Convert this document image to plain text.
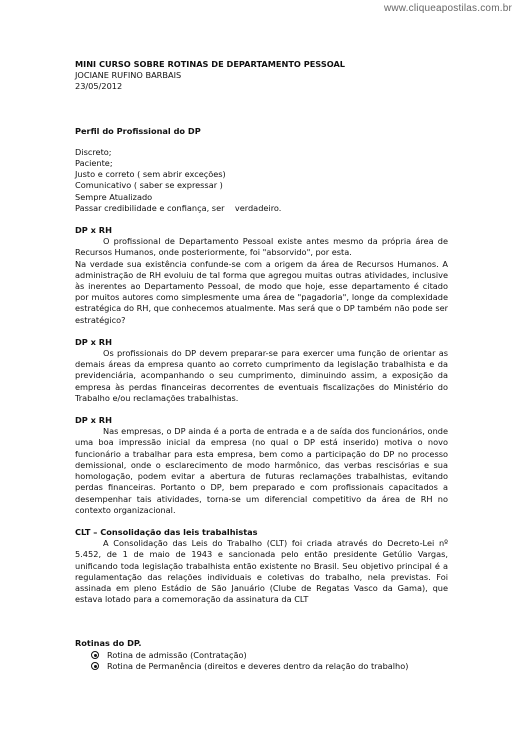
www.cliqueapostilas.com.br
MINI CURSO SOBRE ROTINAS DE DEPARTAMENTO PESSOAL
JOCIANE RUFINO BARBAIS
23/05/2012
Perfil do Profissional do DP
Discreto;
Paciente;
Justo e correto ( sem abrir exceções)
Comunicativo ( saber se expressar )
Sempre Atualizado
Passar credibilidade e confiança, ser    verdadeiro.
DP x RH

O profissional de Departamento Pessoal existe antes mesmo da própria área de Recursos Humanos, onde posteriormente, foi "absorvido", por esta.

Na verdade sua existência confunde-se com a origem da área de Recursos Humanos. A administração de RH evoluiu de tal forma que agregou muitas outras atividades, inclusive às inerentes ao Departamento Pessoal, de modo que hoje, esse departamento é citado por muitos autores como simplesmente uma área de "pagadoria", longe da complexidade estratégica do RH, que conhecemos atualmente. Mas será que o DP também não pode ser estratégico?

DP x RH

Os profissionais do DP devem preparar-se para exercer uma função de orientar as demais áreas da empresa quanto ao correto cumprimento da legislação trabalhista e da previdenciária, acompanhando o seu cumprimento, diminuindo assim, a exposição da empresa às perdas financeiras decorrentes de eventuais fiscalizações do Ministério do Trabalho e/ou reclamações trabalhistas.

DP x RH

Nas empresas, o DP ainda é a porta de entrada e a de saída dos funcionários, onde uma boa impressão inicial da empresa (no qual o DP está inserido) motiva o novo funcionário a trabalhar para esta empresa, bem como a participação do DP no processo demissional, onde o esclarecimento de modo harmônico, das verbas rescisórias e sua homologação, podem evitar a abertura de futuras reclamações trabalhistas, evitando perdas financeiras. Portanto o DP, bem preparado e com profissionais capacitados a desempenhar tais atividades, torna-se um diferencial competitivo da área de RH no contexto organizacional.

CLT – Consolidação das leis trabalhistas

A Consolidação das Leis do Trabalho (CLT) foi criada através do Decreto-Lei nº 5.452, de 1 de maio de 1943 e sancionada pelo então presidente Getúlio Vargas, unificando toda legislação trabalhista então existente no Brasil. Seu objetivo principal é a regulamentação das relações individuais e coletivas do trabalho, nela previstas. Foi assinada em pleno Estádio de São Januário (Clube de Regatas Vasco da Gama), que estava lotado para a comemoração da assinatura da CLT

Rotinas do DP.
Rotina de admissão (Contratação)
Rotina de Permanência (direitos e deveres dentro da relação do trabalho)
